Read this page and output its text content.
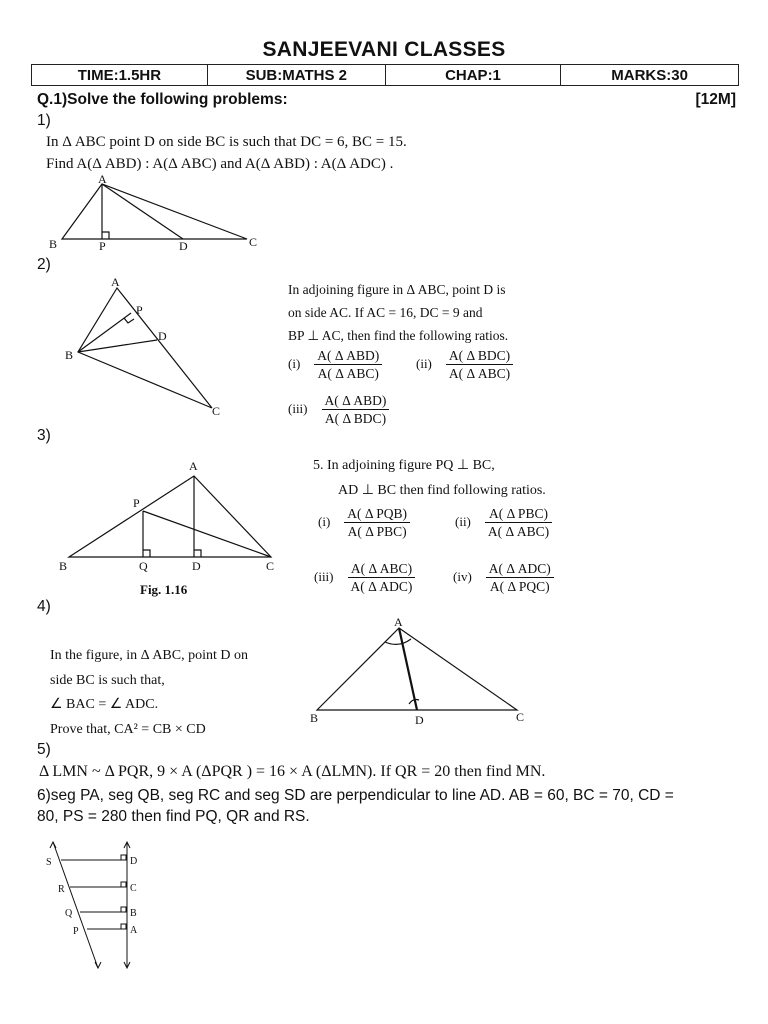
SANJEEVANI CLASSES
TIME:1.5HR	SUB:MATHS 2	CHAP:1	MARKS:30
Q.1)Solve the following problems:	[12M]
1)
In Δ ABC point D on side BC is such that DC = 6, BC = 15.
Find A(Δ ABD) : A(Δ ABC) and A(Δ ABD) : A(Δ ADC) .
A
B	P	D	C
2)
A
P
D
B
C
In adjoining figure in Δ ABC, point D is
on side AC. If AC = 16, DC = 9 and
BP ⊥ AC, then find the following ratios.
$(i) \frac{\text{A( Δ ABD)}}{\text{A( Δ ABC)}}$	$(ii) \frac{\text{A( Δ BDC)}}{\text{A( Δ ABC)}}$
$(iii) \frac{\text{A( Δ ABD)}}{\text{A( Δ BDC)}}$
3)
A
P
B	Q	D	C
Fig. 1.16
5. In adjoining figure PQ ⊥ BC,
AD ⊥ BC then find following ratios.
$(i) \frac{\text{A( Δ PQB)}}{\text{A( Δ PBC)}}$	$(ii) \frac{\text{A( Δ PBC)}}{\text{A( Δ ABC)}}$
$(iii) \frac{\text{A( Δ ABC)}}{\text{A( Δ ADC)}}$	$(iv) \frac{\text{A( Δ ADC)}}{\text{A( Δ PQC)}}$
4)
In the figure, in Δ ABC, point D on
side BC is such that,
∠ BAC = ∠ ADC.
Prove that, CA² = CB × CD
A
B	D	C
5)
Δ LMN ~ Δ PQR, 9 × A (ΔPQR ) = 16 × A (ΔLMN). If QR = 20 then find MN.
6)seg PA, seg QB, seg RC and seg SD are perpendicular to line AD. AB = 60, BC = 70, CD =
80, PS = 280 then find PQ, QR and RS.
S
R
Q
P
D
C
B
A
